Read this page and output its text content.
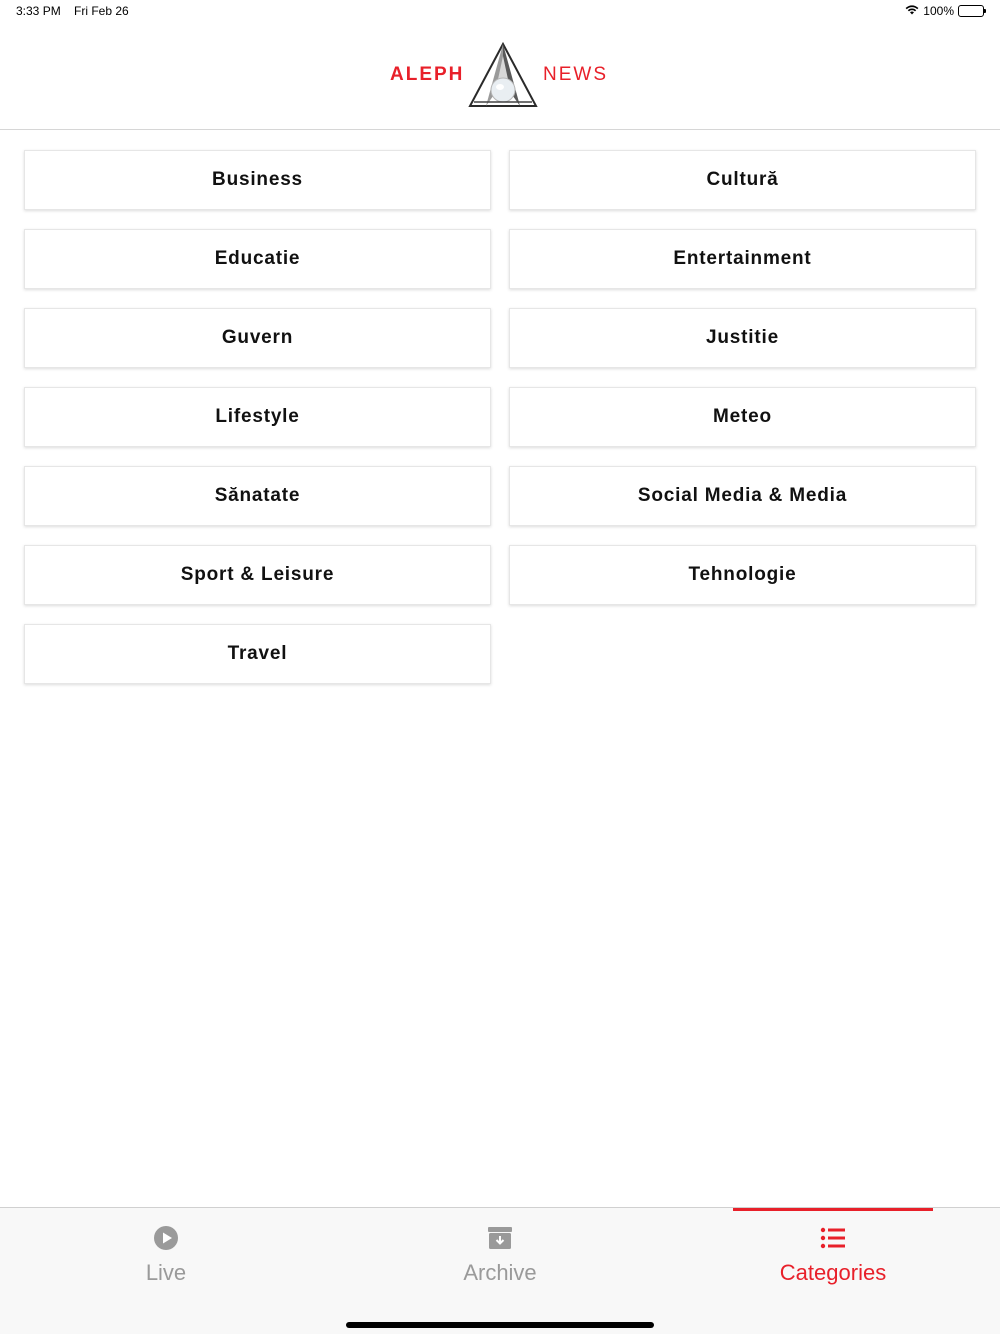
3:33 PM Fri Feb 26	100%
ALEPH	NEWS
Business	Cultură
Educatie	Entertainment
Guvern	Justitie
Lifestyle	Meteo
Sănatate	Social Media & Media
Sport & Leisure	Tehnologie
Travel
Live	Archive	Categories
